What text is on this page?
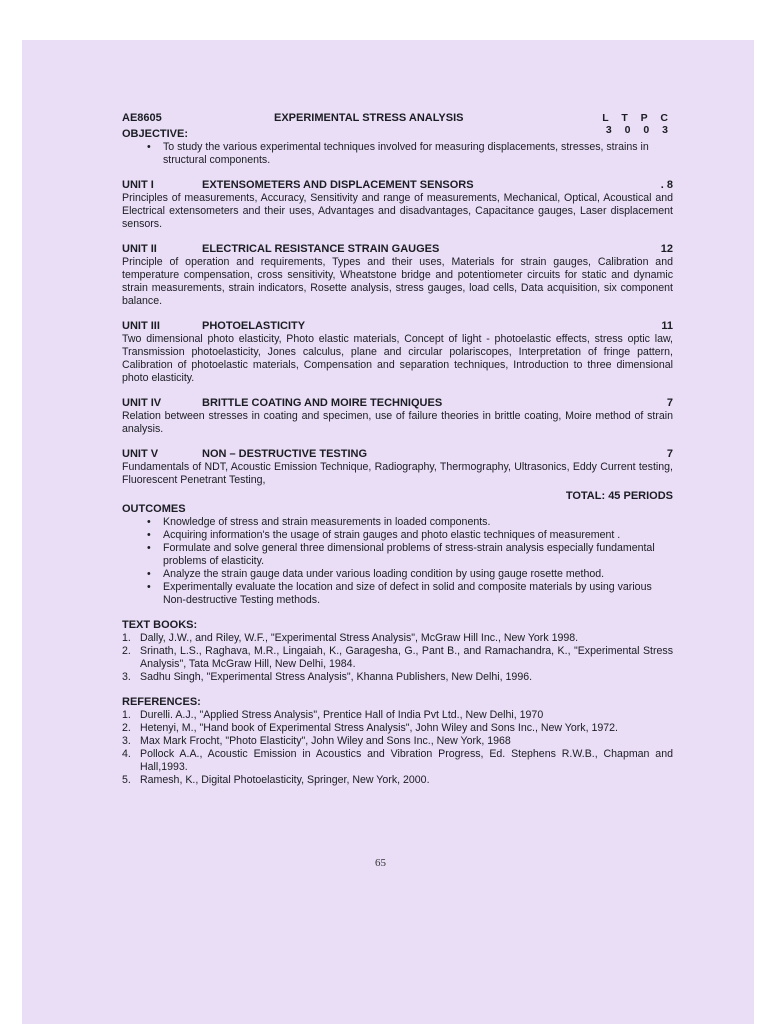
AE8605	EXPERIMENTAL STRESS ANALYSIS	L T P C
3 0 0 3
OBJECTIVE:
• To study the various experimental techniques involved for measuring displacements, stresses, strains in structural components.
UNIT I	EXTENSOMETERS AND DISPLACEMENT SENSORS	. 8
Principles of measurements, Accuracy, Sensitivity and range of measurements, Mechanical, Optical, Acoustical and Electrical extensometers and their uses, Advantages and disadvantages, Capacitance gauges, Laser displacement sensors.
UNIT II	ELECTRICAL RESISTANCE STRAIN GAUGES	12
Principle of operation and requirements, Types and their uses, Materials for strain gauges, Calibration and temperature compensation, cross sensitivity, Wheatstone bridge and potentiometer circuits for static and dynamic strain measurements, strain indicators, Rosette analysis, stress gauges, load cells, Data acquisition, six component balance.
UNIT III	PHOTOELASTICITY	11
Two dimensional photo elasticity, Photo elastic materials, Concept of light - photoelastic effects, stress optic law, Transmission photoelasticity, Jones calculus, plane and circular polariscopes, Interpretation of fringe pattern, Calibration of photoelastic materials, Compensation and separation techniques, Introduction to three dimensional photo elasticity.
UNIT IV	BRITTLE COATING AND MOIRE TECHNIQUES	7
Relation between stresses in coating and specimen, use of failure theories in brittle coating, Moire method of strain analysis.
UNIT V	NON – DESTRUCTIVE TESTING	7
Fundamentals of NDT, Acoustic Emission Technique, Radiography, Thermography, Ultrasonics, Eddy Current testing, Fluorescent Penetrant Testing,
TOTAL: 45 PERIODS
OUTCOMES
• Knowledge of stress and strain measurements in loaded components.
• Acquiring information's the usage of strain gauges and photo elastic techniques of measurement .
• Formulate and solve general three dimensional problems of stress-strain analysis especially fundamental problems of elasticity.
• Analyze the strain gauge data under various loading condition by using gauge rosette method.
• Experimentally evaluate the location and size of defect in solid and composite materials by using various Non-destructive Testing methods.
TEXT BOOKS:
1. Dally, J.W., and Riley, W.F., "Experimental Stress Analysis", McGraw Hill Inc., New York 1998.
2. Srinath, L.S., Raghava, M.R., Lingaiah, K., Garagesha, G., Pant B., and Ramachandra, K., "Experimental Stress Analysis", Tata McGraw Hill, New Delhi, 1984.
3. Sadhu Singh, "Experimental Stress Analysis", Khanna Publishers, New Delhi, 1996.
REFERENCES:
1. Durelli. A.J., "Applied Stress Analysis", Prentice Hall of India Pvt Ltd., New Delhi, 1970
2. Hetenyi, M., "Hand book of Experimental Stress Analysis", John Wiley and Sons Inc., New York, 1972.
3. Max Mark Frocht, "Photo Elasticity", John Wiley and Sons Inc., New York, 1968
4. Pollock A.A., Acoustic Emission in Acoustics and Vibration Progress, Ed. Stephens R.W.B., Chapman and Hall,1993.
5. Ramesh, K., Digital Photoelasticity, Springer, New York, 2000.
65
